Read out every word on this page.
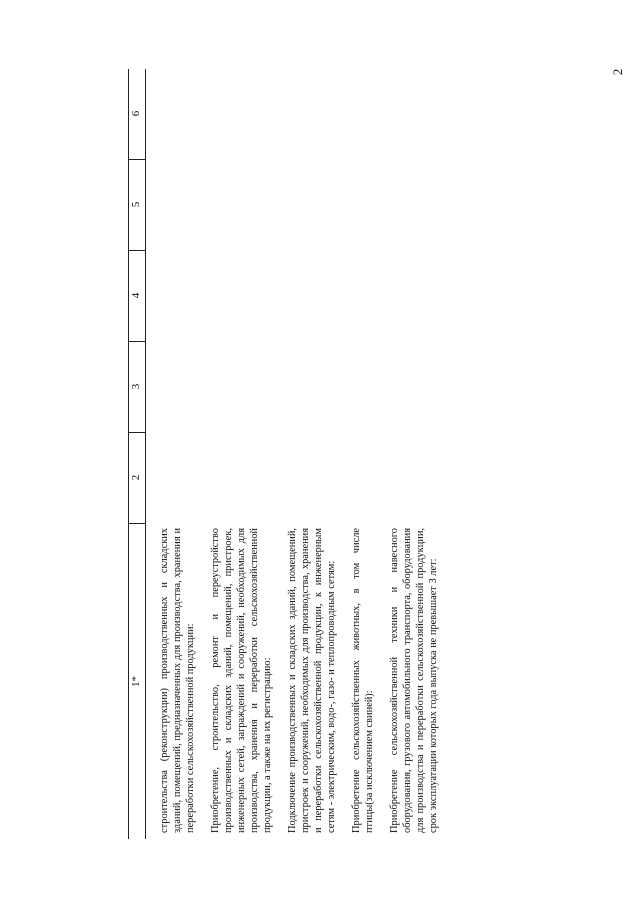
2
1*
2
3
4
5
6

строительства (реконструкции) производственных и складских зданий, помещений, предназначенных для производства, хранения и переработки сельскохозяйственной продукции: Приобретение, строительство, ремонт и переустройство производственных и складских зданий, помещений, пристроек, инженерных сетей, заграждений и сооружений, необходимых для производства, хранения и переработки сельскохозяйственной продукции, а также на их регистрацию: Подключение производственных и складских зданий, помещений, пристроек и сооружений, необходимых для производства, хранения и переработки сельскохозяйственной продукции, к инженерным сетям - электрическим, водо-, газо- и теплопроводным сетям: Приобретение сельскохозяйственных животных, в том числе птицы(за исключением свиней): Приобретение сельскохозяйственной техники и навесного оборудования, грузового автомобильного транспорта, оборудования для производства и переработки сельскохозяйственной продукции, срок эксплуатации которых года выпуска не превышает 3 лет:
